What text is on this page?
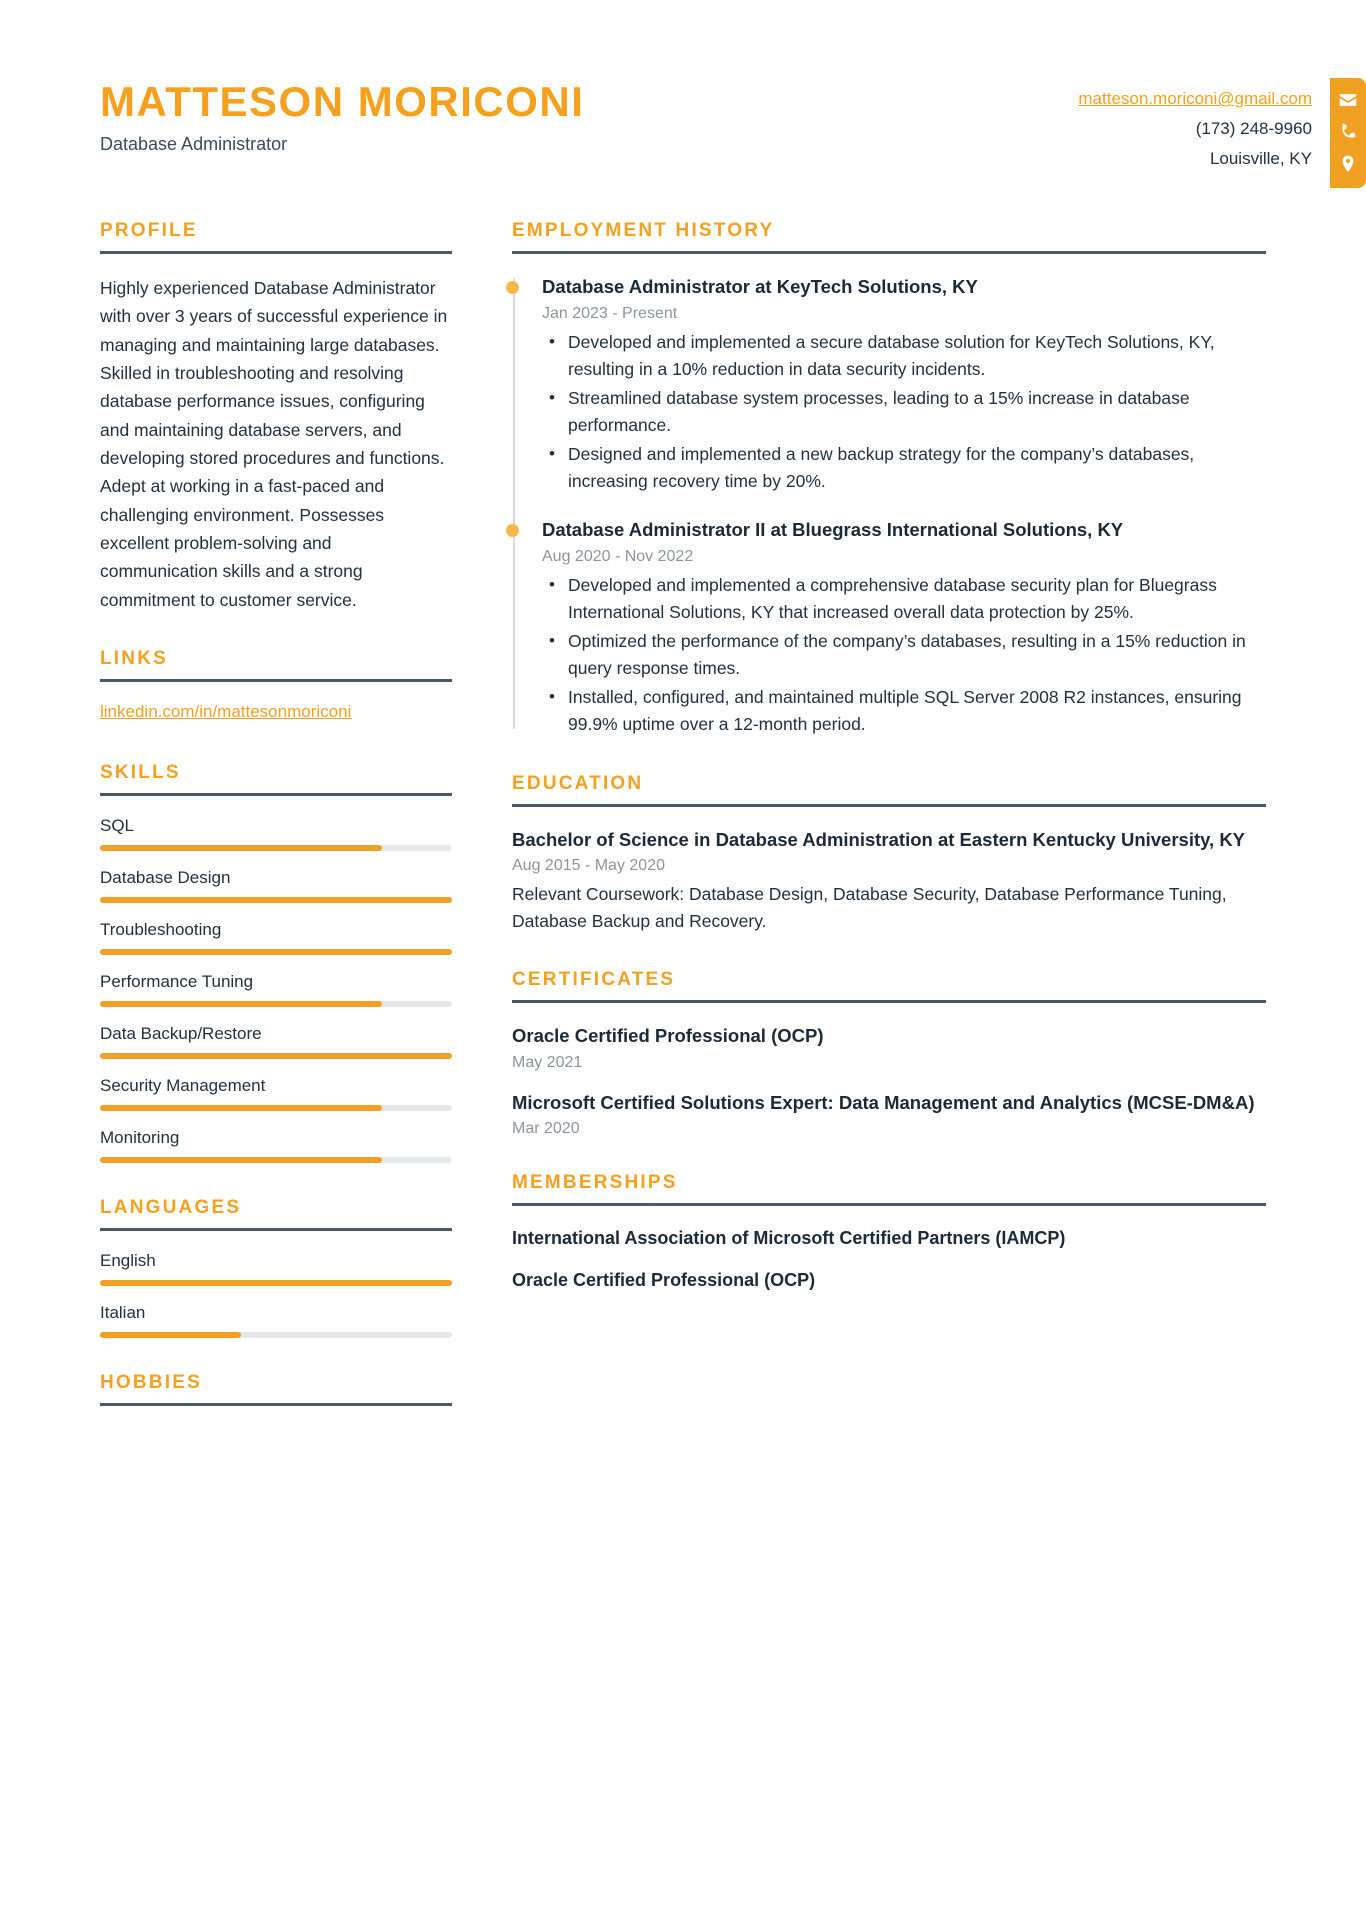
MATTESON MORICONI
Database Administrator
matteson.moriconi@gmail.com
(173) 248-9960
Louisville, KY
PROFILE
Highly experienced Database Administrator with over 3 years of successful experience in managing and maintaining large databases. Skilled in troubleshooting and resolving database performance issues, configuring and maintaining database servers, and developing stored procedures and functions. Adept at working in a fast-paced and challenging environment. Possesses excellent problem-solving and communication skills and a strong commitment to customer service.
LINKS
linkedin.com/in/mattesonmoriconi
SKILLS
SQL
Database Design
Troubleshooting
Performance Tuning
Data Backup/Restore
Security Management
Monitoring
LANGUAGES
English
Italian
HOBBIES
EMPLOYMENT HISTORY
Database Administrator at KeyTech Solutions, KY
Jan 2023 - Present
• Developed and implemented a secure database solution for KeyTech Solutions, KY, resulting in a 10% reduction in data security incidents.
• Streamlined database system processes, leading to a 15% increase in database performance.
• Designed and implemented a new backup strategy for the company’s databases, increasing recovery time by 20%.
Database Administrator II at Bluegrass International Solutions, KY
Aug 2020 - Nov 2022
• Developed and implemented a comprehensive database security plan for Bluegrass International Solutions, KY that increased overall data protection by 25%.
• Optimized the performance of the company’s databases, resulting in a 15% reduction in query response times.
• Installed, configured, and maintained multiple SQL Server 2008 R2 instances, ensuring 99.9% uptime over a 12-month period.
EDUCATION
Bachelor of Science in Database Administration at Eastern Kentucky University, KY
Aug 2015 - May 2020
Relevant Coursework: Database Design, Database Security, Database Performance Tuning, Database Backup and Recovery.
CERTIFICATES
Oracle Certified Professional (OCP)
May 2021
Microsoft Certified Solutions Expert: Data Management and Analytics (MCSE-DM&A)
Mar 2020
MEMBERSHIPS
International Association of Microsoft Certified Partners (IAMCP)
Oracle Certified Professional (OCP)
